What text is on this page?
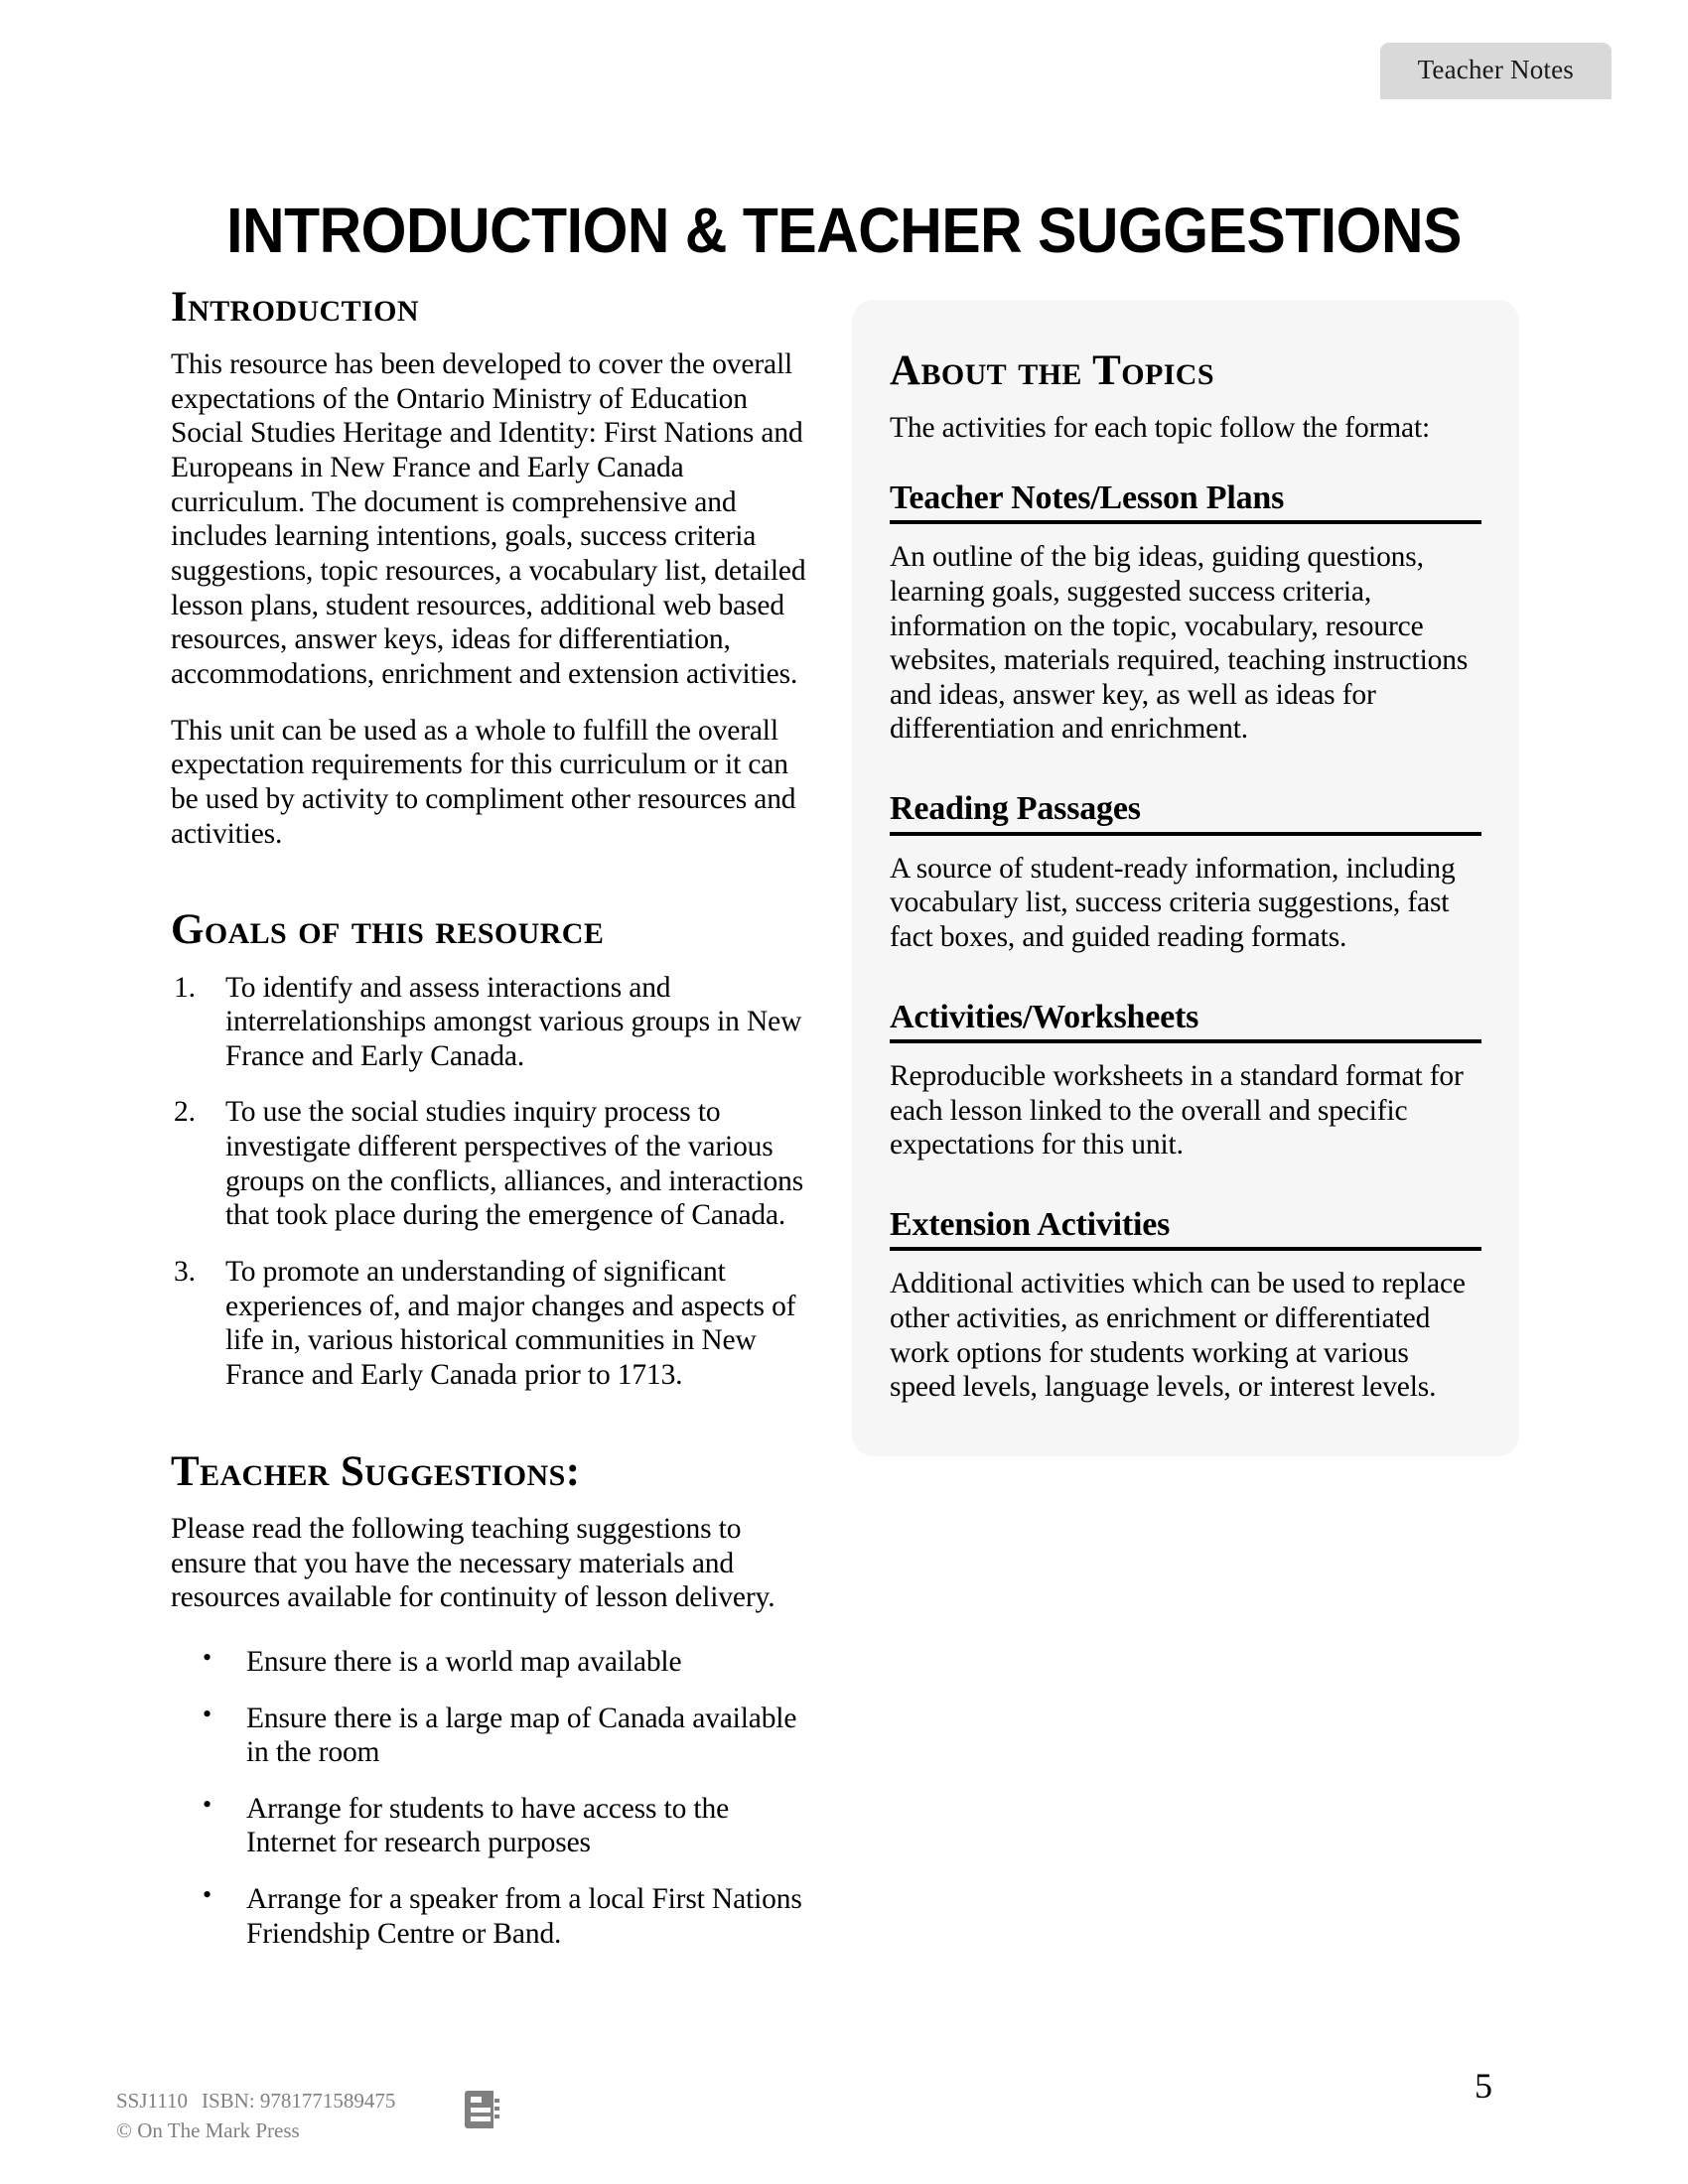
Teacher Notes
INTRODUCTION & TEACHER SUGGESTIONS
Introduction

This resource has been developed to cover the overall expectations of the Ontario Ministry of Education Social Studies Heritage and Identity: First Nations and Europeans in New France and Early Canada curriculum. The document is comprehensive and includes learning intentions, goals, success criteria suggestions, topic resources, a vocabulary list, detailed lesson plans, student resources, additional web based resources, answer keys, ideas for differentiation, accommodations, enrichment and extension activities.

This unit can be used as a whole to fulfill the overall expectation requirements for this curriculum or it can be used by activity to compliment other resources and activities.

Goals of this resource
1.	To identify and assess interactions and interrelationships amongst various groups in New France and Early Canada.
2.	To use the social studies inquiry process to investigate different perspectives of the various groups on the conflicts, alliances, and interactions that took place during the emergence of Canada.
3.	To promote an understanding of significant experiences of, and major changes and aspects of life in, various historical communities in New France and Early Canada prior to 1713.
Teacher Suggestions:

Please read the following teaching suggestions to ensure that you have the necessary materials and resources available for continuity of lesson delivery.

• Ensure there is a world map available
• Ensure there is a large map of Canada available in the room
• Arrange for students to have access to the Internet for research purposes
• Arrange for a speaker from a local First Nations Friendship Centre or Band.
About the Topics

The activities for each topic follow the format:

Teacher Notes/Lesson Plans

An outline of the big ideas, guiding questions, learning goals, suggested success criteria, information on the topic, vocabulary, resource websites, materials required, teaching instructions and ideas, answer key, as well as ideas for differentiation and enrichment.

Reading Passages

A source of student-ready information, including vocabulary list, success criteria suggestions, fast fact boxes, and guided reading formats.

Activities/Worksheets

Reproducible worksheets in a standard format for each lesson linked to the overall and specific expectations for this unit.

Extension Activities

Additional activities which can be used to replace other activities, as enrichment or differentiated work options for students working at various speed levels, language levels, or interest levels.

SSJ1110 ISBN: 9781771589475
© On The Mark Press
5
